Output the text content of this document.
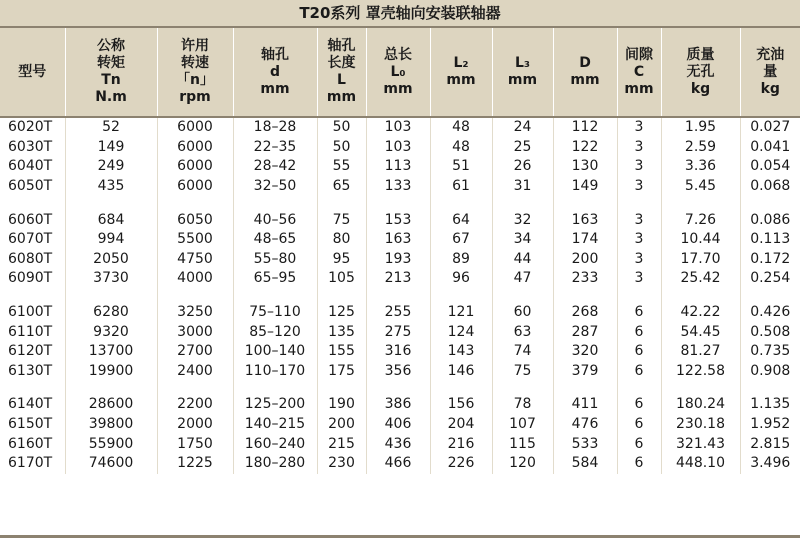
T20系列 罩壳轴向安装联轴器
型号	公称
转矩
Tn
N.m	许用
转速
「n」
rpm	轴孔
d
mm	轴孔
长度
L
mm	总长
L₀
mm	L₂
mm	L₃
mm	D
mm	间隙
C
mm	质量
无孔
kg	充油
量
kg
6020T	52	6000	18–28	50	103	48	24	112	3	1.95	0.027
6030T	149	6000	22–35	50	103	48	25	122	3	2.59	0.041
6040T	249	6000	28–42	55	113	51	26	130	3	3.36	0.054
6050T	435	6000	32–50	65	133	61	31	149	3	5.45	0.068

6060T	684	6050	40–56	75	153	64	32	163	3	7.26	0.086
6070T	994	5500	48–65	80	163	67	34	174	3	10.44	0.113
6080T	2050	4750	55–80	95	193	89	44	200	3	17.70	0.172
6090T	3730	4000	65–95	105	213	96	47	233	3	25.42	0.254

6100T	6280	3250	75–110	125	255	121	60	268	6	42.22	0.426
6110T	9320	3000	85–120	135	275	124	63	287	6	54.45	0.508
6120T	13700	2700	100–140	155	316	143	74	320	6	81.27	0.735
6130T	19900	2400	110–170	175	356	146	75	379	6	122.58	0.908

6140T	28600	2200	125–200	190	386	156	78	411	6	180.24	1.135
6150T	39800	2000	140–215	200	406	204	107	476	6	230.18	1.952
6160T	55900	1750	160–240	215	436	216	115	533	6	321.43	2.815
6170T	74600	1225	180–280	230	466	226	120	584	6	448.10	3.496
